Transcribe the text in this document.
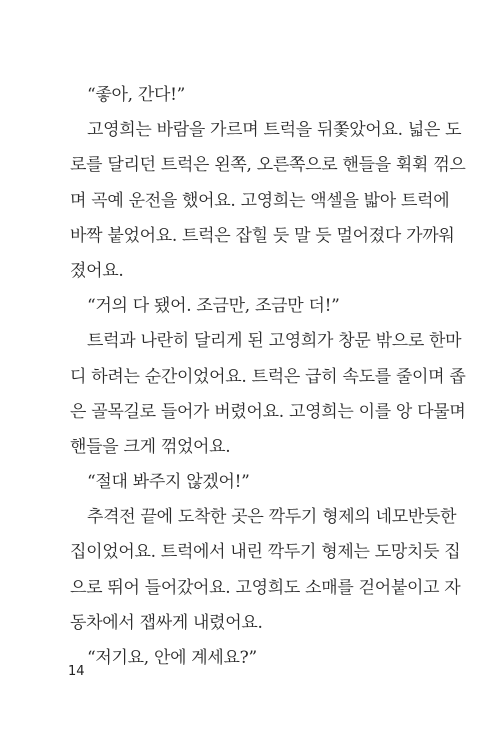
“좋아, 간다!”
고영희는 바람을 가르며 트럭을 뒤쫓았어요. 넓은 도
로를 달리던 트럭은 왼쪽, 오른쪽으로 핸들을 휙휙 꺾으
며 곡예 운전을 했어요. 고영희는 액셀을 밟아 트럭에
바짝 붙었어요. 트럭은 잡힐 듯 말 듯 멀어졌다 가까워
졌어요.
“거의 다 됐어. 조금만, 조금만 더!”
트럭과 나란히 달리게 된 고영희가 창문 밖으로 한마
디 하려는 순간이었어요. 트럭은 급히 속도를 줄이며 좁
은 골목길로 들어가 버렸어요. 고영희는 이를 앙 다물며
핸들을 크게 꺾었어요.
“절대 봐주지 않겠어!”
추격전 끝에 도착한 곳은 깍두기 형제의 네모반듯한
집이었어요. 트럭에서 내린 깍두기 형제는 도망치듯 집
으로 뛰어 들어갔어요. 고영희도 소매를 걷어붙이고 자
동차에서 잽싸게 내렸어요.
“저기요, 안에 계세요?”
14
